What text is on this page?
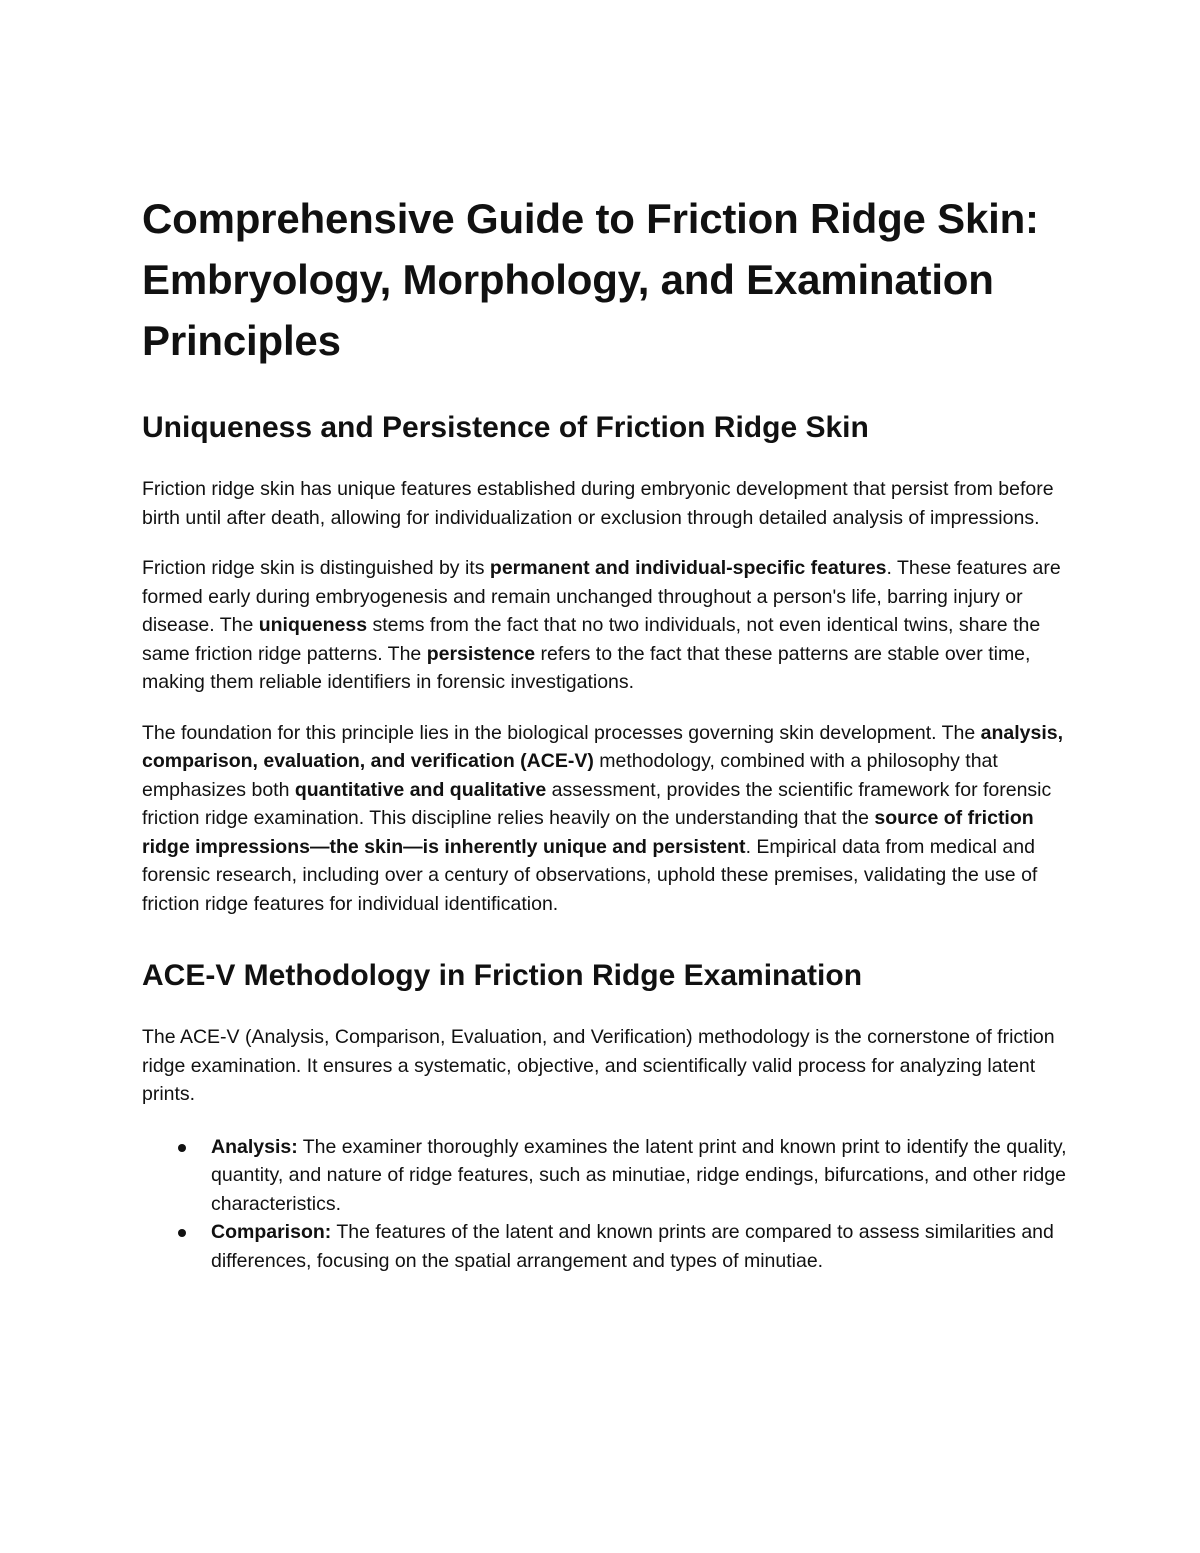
Comprehensive Guide to Friction Ridge Skin: Embryology, Morphology, and Examination Principles
Uniqueness and Persistence of Friction Ridge Skin

Friction ridge skin has unique features established during embryonic development that persist from before birth until after death, allowing for individualization or exclusion through detailed analysis of impressions.

Friction ridge skin is distinguished by its permanent and individual-specific features. These features are formed early during embryogenesis and remain unchanged throughout a person's life, barring injury or disease. The uniqueness stems from the fact that no two individuals, not even identical twins, share the same friction ridge patterns. The persistence refers to the fact that these patterns are stable over time, making them reliable identifiers in forensic investigations.

The foundation for this principle lies in the biological processes governing skin development. The analysis, comparison, evaluation, and verification (ACE-V) methodology, combined with a philosophy that emphasizes both quantitative and qualitative assessment, provides the scientific framework for forensic friction ridge examination. This discipline relies heavily on the understanding that the source of friction ridge impressions—the skin—is inherently unique and persistent. Empirical data from medical and forensic research, including over a century of observations, uphold these premises, validating the use of friction ridge features for individual identification.

ACE-V Methodology in Friction Ridge Examination

The ACE-V (Analysis, Comparison, Evaluation, and Verification) methodology is the cornerstone of friction ridge examination. It ensures a systematic, objective, and scientifically valid process for analyzing latent prints.

Analysis: The examiner thoroughly examines the latent print and known print to identify the quality, quantity, and nature of ridge features, such as minutiae, ridge endings, bifurcations, and other ridge characteristics.
Comparison: The features of the latent and known prints are compared to assess similarities and differences, focusing on the spatial arrangement and types of minutiae.
